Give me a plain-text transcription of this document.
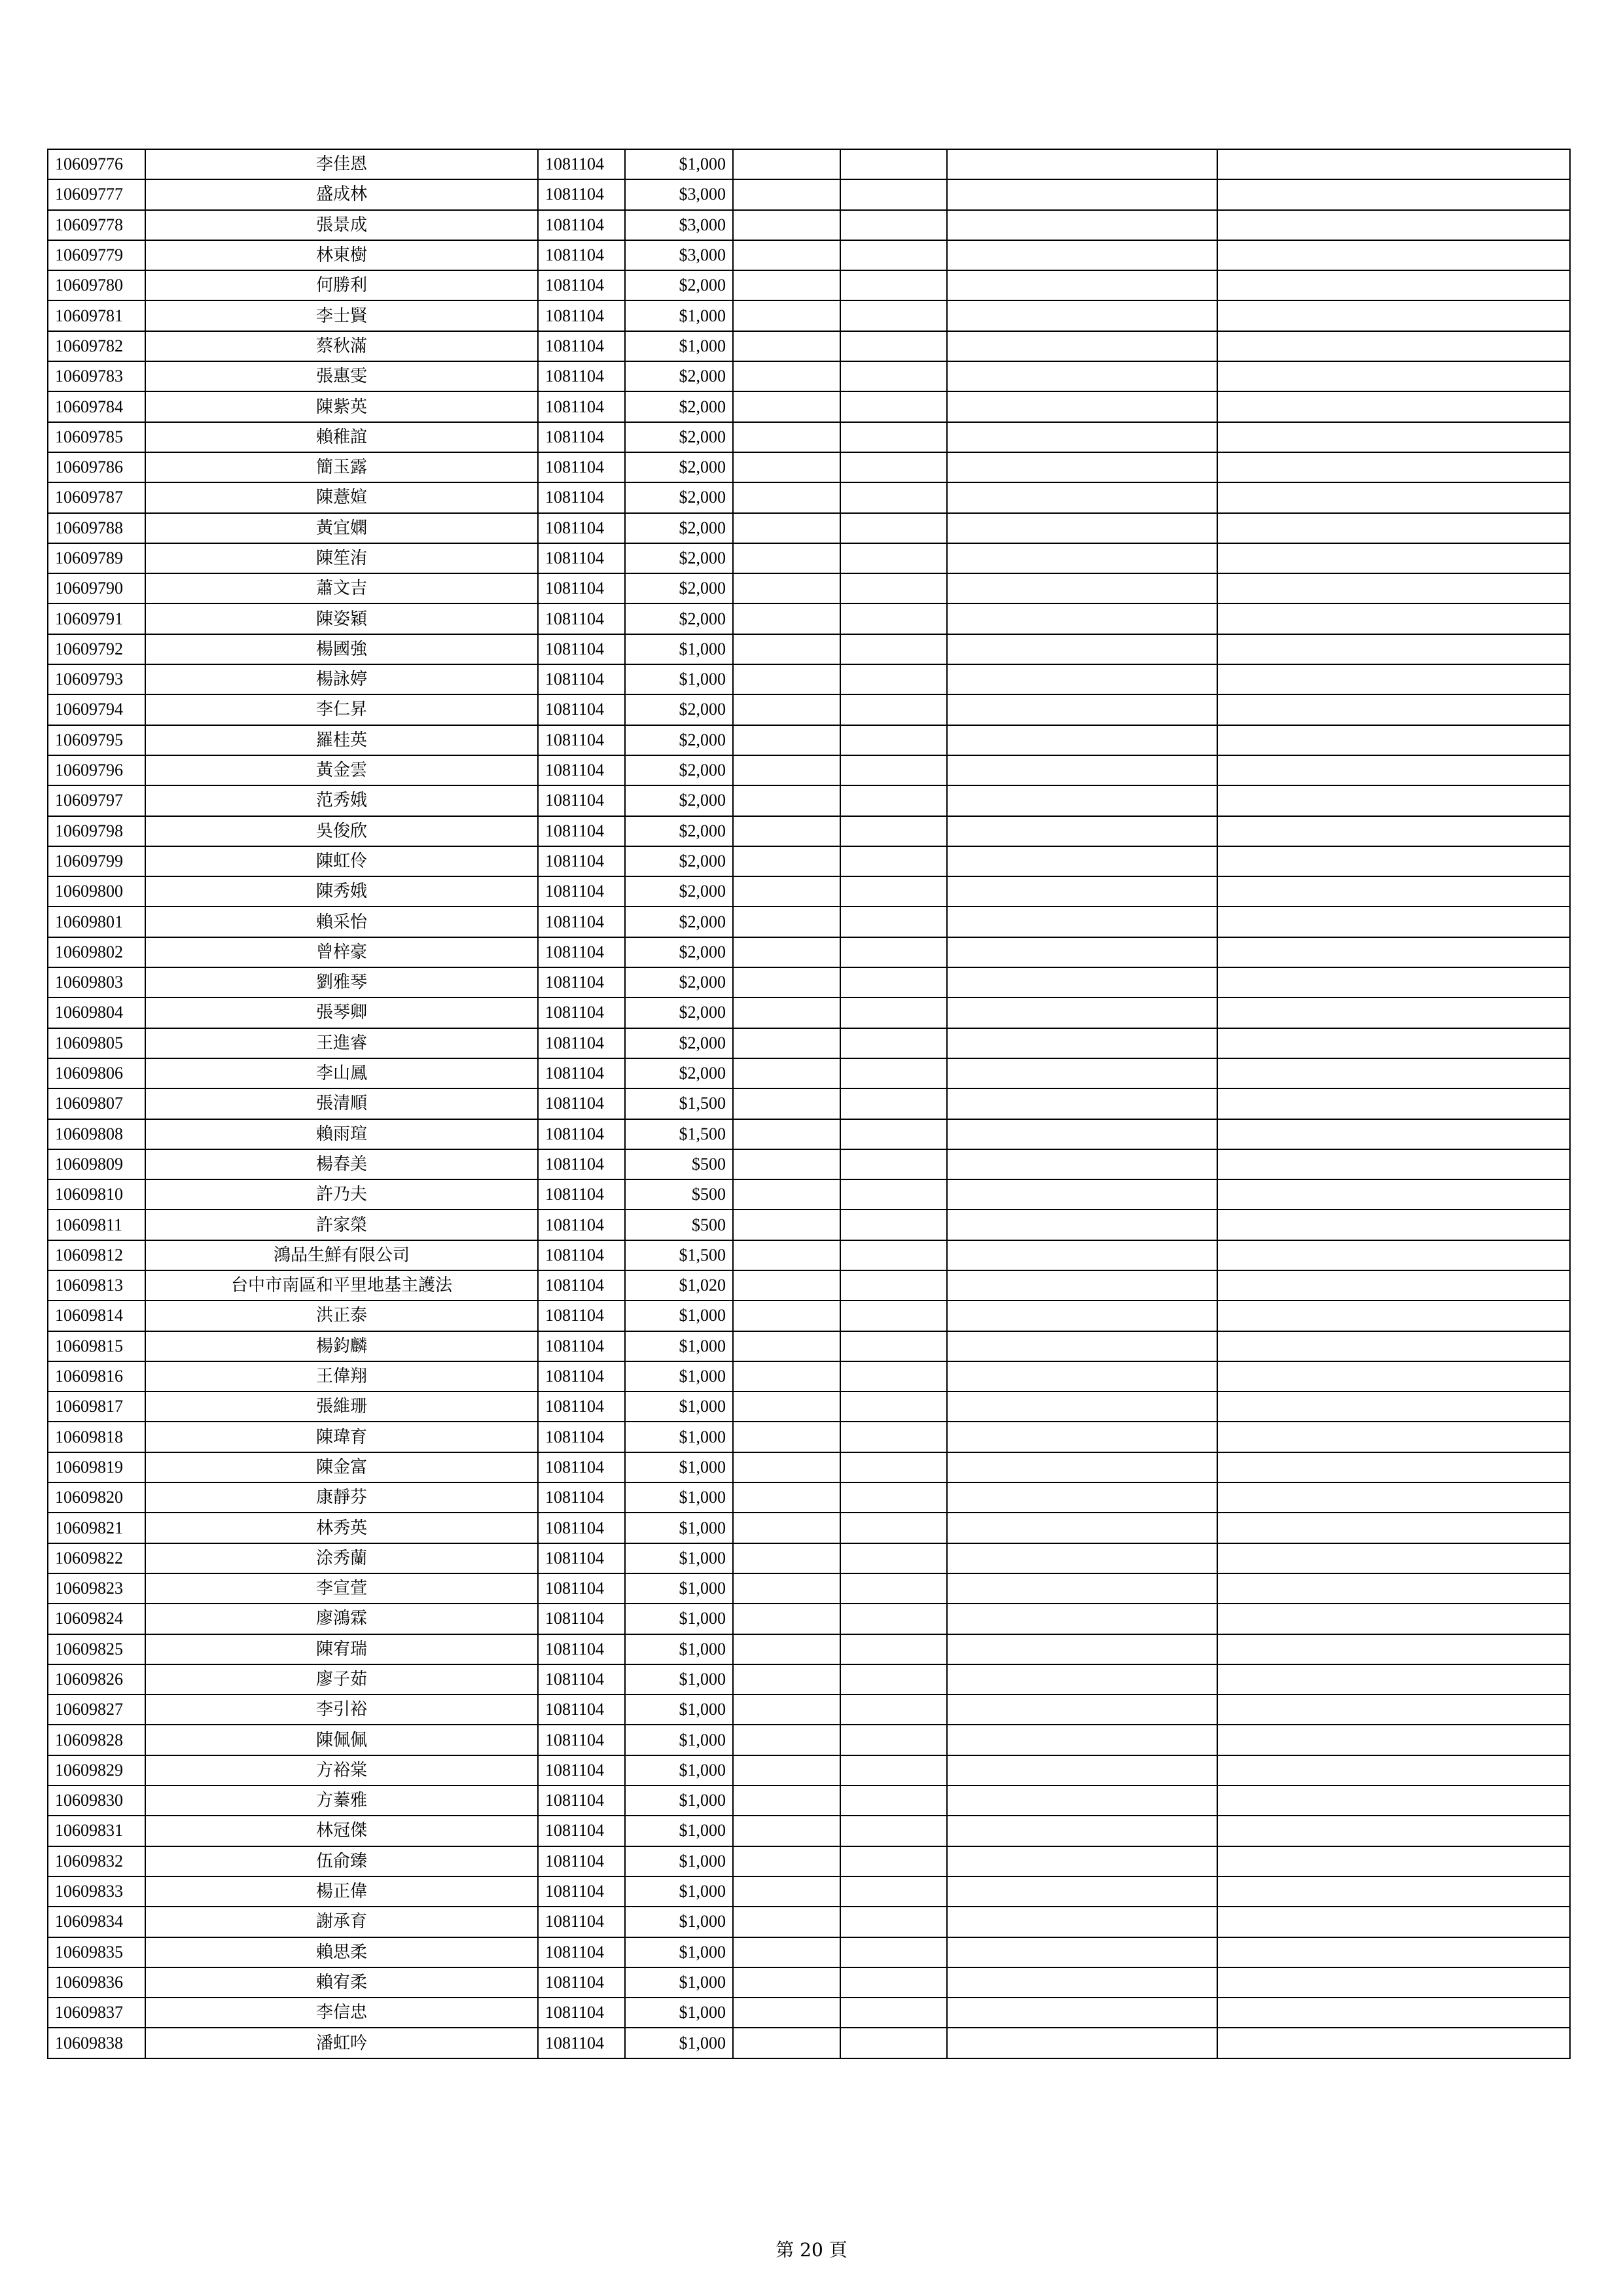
10609776	李佳恩	1081104	$1,000				
10609777	盛成林	1081104	$3,000				
10609778	張景成	1081104	$3,000				
10609779	林東樹	1081104	$3,000				
10609780	何勝利	1081104	$2,000				
10609781	李士賢	1081104	$1,000				
10609782	蔡秋滿	1081104	$1,000				
10609783	張惠雯	1081104	$2,000				
10609784	陳紫英	1081104	$2,000				
10609785	賴稚誼	1081104	$2,000				
10609786	簡玉露	1081104	$2,000				
10609787	陳薏媗	1081104	$2,000				
10609788	黃宜嫻	1081104	$2,000				
10609789	陳笙洧	1081104	$2,000				
10609790	蕭文吉	1081104	$2,000				
10609791	陳姿穎	1081104	$2,000				
10609792	楊國強	1081104	$1,000				
10609793	楊詠婷	1081104	$1,000				
10609794	李仁昇	1081104	$2,000				
10609795	羅桂英	1081104	$2,000				
10609796	黃金雲	1081104	$2,000				
10609797	范秀娥	1081104	$2,000				
10609798	吳俊欣	1081104	$2,000				
10609799	陳虹伶	1081104	$2,000				
10609800	陳秀娥	1081104	$2,000				
10609801	賴采怡	1081104	$2,000				
10609802	曾梓豪	1081104	$2,000				
10609803	劉雅琴	1081104	$2,000				
10609804	張琴卿	1081104	$2,000				
10609805	王進睿	1081104	$2,000				
10609806	李山鳳	1081104	$2,000				
10609807	張清順	1081104	$1,500				
10609808	賴雨瑄	1081104	$1,500				
10609809	楊春美	1081104	$500				
10609810	許乃夫	1081104	$500				
10609811	許家榮	1081104	$500				
10609812	鴻品生鮮有限公司	1081104	$1,500				
10609813	台中市南區和平里地基主護法	1081104	$1,020				
10609814	洪正泰	1081104	$1,000				
10609815	楊鈞麟	1081104	$1,000				
10609816	王偉翔	1081104	$1,000				
10609817	張維珊	1081104	$1,000				
10609818	陳瑋育	1081104	$1,000				
10609819	陳金富	1081104	$1,000				
10609820	康靜芬	1081104	$1,000				
10609821	林秀英	1081104	$1,000				
10609822	涂秀蘭	1081104	$1,000				
10609823	李宣萱	1081104	$1,000				
10609824	廖鴻霖	1081104	$1,000				
10609825	陳宥瑞	1081104	$1,000				
10609826	廖子茹	1081104	$1,000				
10609827	李引裕	1081104	$1,000				
10609828	陳佩佩	1081104	$1,000				
10609829	方裕棠	1081104	$1,000				
10609830	方蓁雅	1081104	$1,000				
10609831	林冠傑	1081104	$1,000				
10609832	伍俞臻	1081104	$1,000				
10609833	楊正偉	1081104	$1,000				
10609834	謝承育	1081104	$1,000				
10609835	賴思柔	1081104	$1,000				
10609836	賴宥柔	1081104	$1,000				
10609837	李信忠	1081104	$1,000				
10609838	潘虹吟	1081104	$1,000				
第 20 頁
